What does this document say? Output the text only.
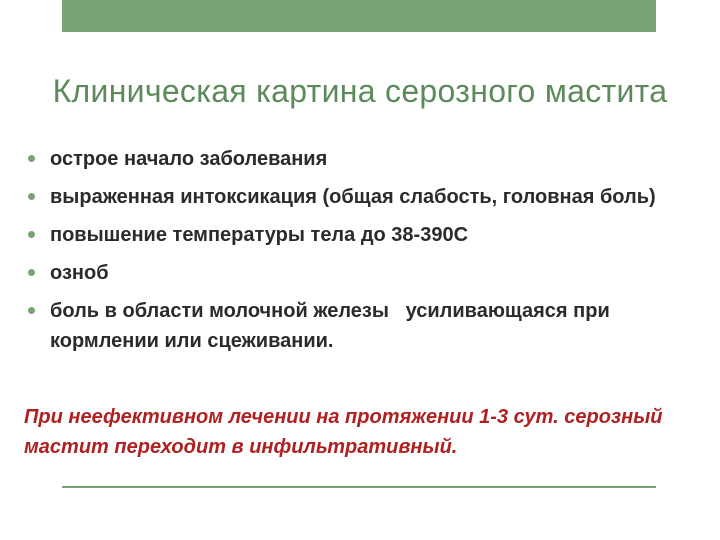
Клиническая картина серозного мастита
острое начало заболевания
выраженная интоксикация (общая слабость, головная боль)
повышение температуры тела до 38-390С
озноб
боль в области молочной железы   усиливающаяся при кормлении или сцеживании.
При неефективном лечении на протяжении 1-3 сут. серозный мастит переходит в инфильтративный.
